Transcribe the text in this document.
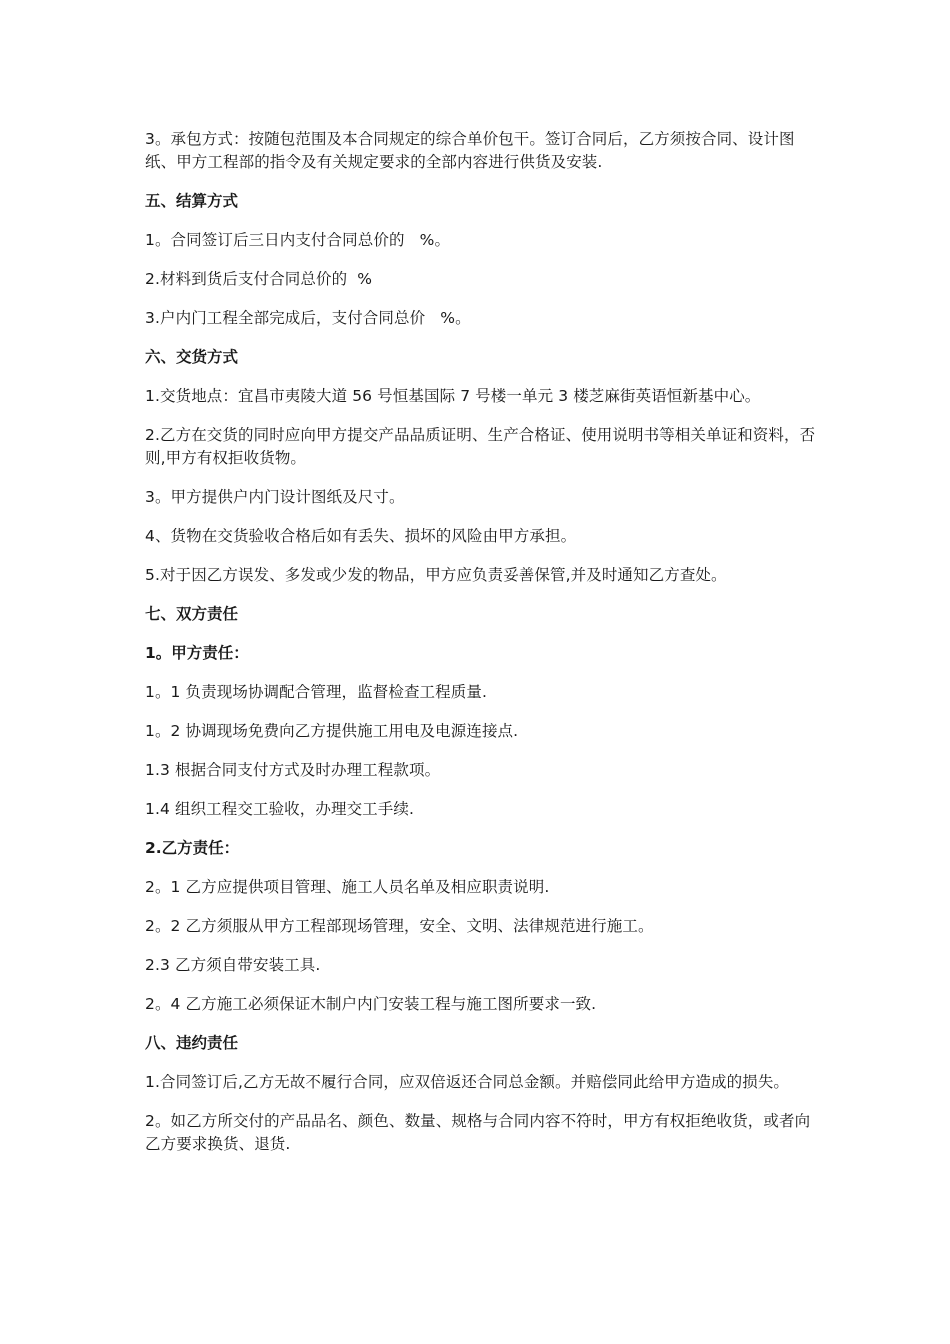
3。承包方式：按随包范围及本合同规定的综合单价包干。签订合同后，乙方须按合同、设计图纸、甲方工程部的指令及有关规定要求的全部内容进行供货及安装.

五、结算方式

1。合同签订后三日内支付合同总价的   %。

2.材料到货后支付合同总价的  %

3.户内门工程全部完成后，支付合同总价   %。

六、交货方式

1.交货地点：宜昌市夷陵大道 56 号恒基国际 7 号楼一单元 3 楼芝麻街英语恒新基中心。

2.乙方在交货的同时应向甲方提交产品品质证明、生产合格证、使用说明书等相关单证和资料，否则,甲方有权拒收货物。

3。甲方提供户内门设计图纸及尺寸。

4、货物在交货验收合格后如有丢失、损坏的风险由甲方承担。

5.对于因乙方误发、多发或少发的物品，甲方应负责妥善保管,并及时通知乙方查处。

七、双方责任

1。甲方责任：

1。1 负责现场协调配合管理，监督检查工程质量.

1。2 协调现场免费向乙方提供施工用电及电源连接点.

1.3 根据合同支付方式及时办理工程款项。

1.4 组织工程交工验收，办理交工手续.

2.乙方责任：

2。1 乙方应提供项目管理、施工人员名单及相应职责说明.

2。2 乙方须服从甲方工程部现场管理，安全、文明、法律规范进行施工。

2.3 乙方须自带安装工具.

2。4 乙方施工必须保证木制户内门安装工程与施工图所要求一致.

八、违约责任

1.合同签订后,乙方无故不履行合同，应双倍返还合同总金额。并赔偿同此给甲方造成的损失。

2。如乙方所交付的产品品名、颜色、数量、规格与合同内容不符时，甲方有权拒绝收货，或者向乙方要求换货、退货.
